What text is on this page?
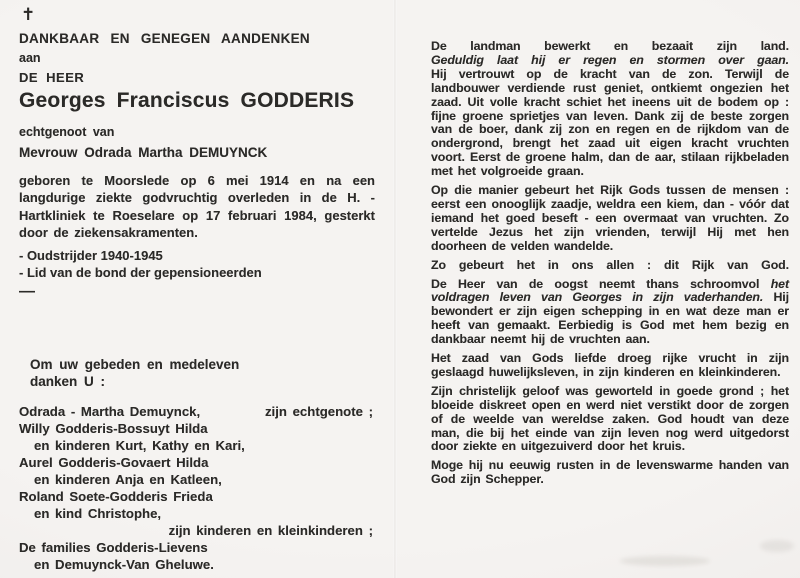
✝
DANKBAAR EN GENEGEN AANDENKEN
aan
DE HEER
Georges Franciscus GODDERIS
echtgenoot van
Mevrouw Odrada Martha DEMUYNCK
geboren te Moorslede op 6 mei 1914 en na een langdurige ziekte godvruchtig overleden in de H. - Hartkliniek te Roeselare op 17 februari 1984, gesterkt door de ziekensakramenten.
- Oudstrijder 1940-1945
- Lid van de bond der gepensioneerden
—
Om uw gebeden en medeleven
danken U :
Odrada - Martha Demuynck,	zijn echtgenote ;
Willy Godderis-Bossuyt Hilda
en kinderen Kurt, Kathy en Kari,
Aurel Godderis-Govaert Hilda
en kinderen Anja en Katleen,
Roland Soete-Godderis Frieda
en kind Christophe,
zijn kinderen en kleinkinderen ;
De families Godderis-Lievens
en Demuynck-Van Gheluwe.

De landman bewerkt en bezaait zijn land.
Geduldig laat hij er regen en stormen over gaan.
Hij vertrouwt op de kracht van de zon. Terwijl de landbouwer verdiende rust geniet, ontkiemt ongezien het zaad. Uit volle kracht schiet het ineens uit de bodem op : fijne groene sprietjes van leven. Dank zij de beste zorgen van de boer, dank zij zon en regen en de rijkdom van de ondergrond, brengt het zaad uit eigen kracht vruchten voort. Eerst de groene halm, dan de aar, stilaan rijkbeladen met het volgroeide graan.

Op die manier gebeurt het Rijk Gods tussen de mensen : eerst een onooglijk zaadje, weldra een kiem, dan - vóór dat iemand het goed beseft - een overmaat van vruchten. Zo vertelde Jezus het zijn vrienden, terwijl Hij met hen doorheen de velden wandelde.

Zo gebeurt het in ons allen : dit Rijk van God.

De Heer van de oogst neemt thans schroomvol het voldragen leven van Georges in zijn vaderhanden. Hij bewondert er zijn eigen schepping in en wat deze man er heeft van gemaakt. Eerbiedig is God met hem bezig en dankbaar neemt hij de vruchten aan.

Het zaad van Gods liefde droeg rijke vrucht in zijn geslaagd huwelijksleven, in zijn kinderen en kleinkinderen.

Zijn christelijk geloof was geworteld in goede grond ; het bloeide diskreet open en werd niet verstikt door de zorgen of de weelde van wereldse zaken. God houdt van deze man, die bij het einde van zijn leven nog werd uitgedorst door ziekte en uitgezuiverd door het kruis.

Moge hij nu eeuwig rusten in de levenswarme handen van God zijn Schepper.
